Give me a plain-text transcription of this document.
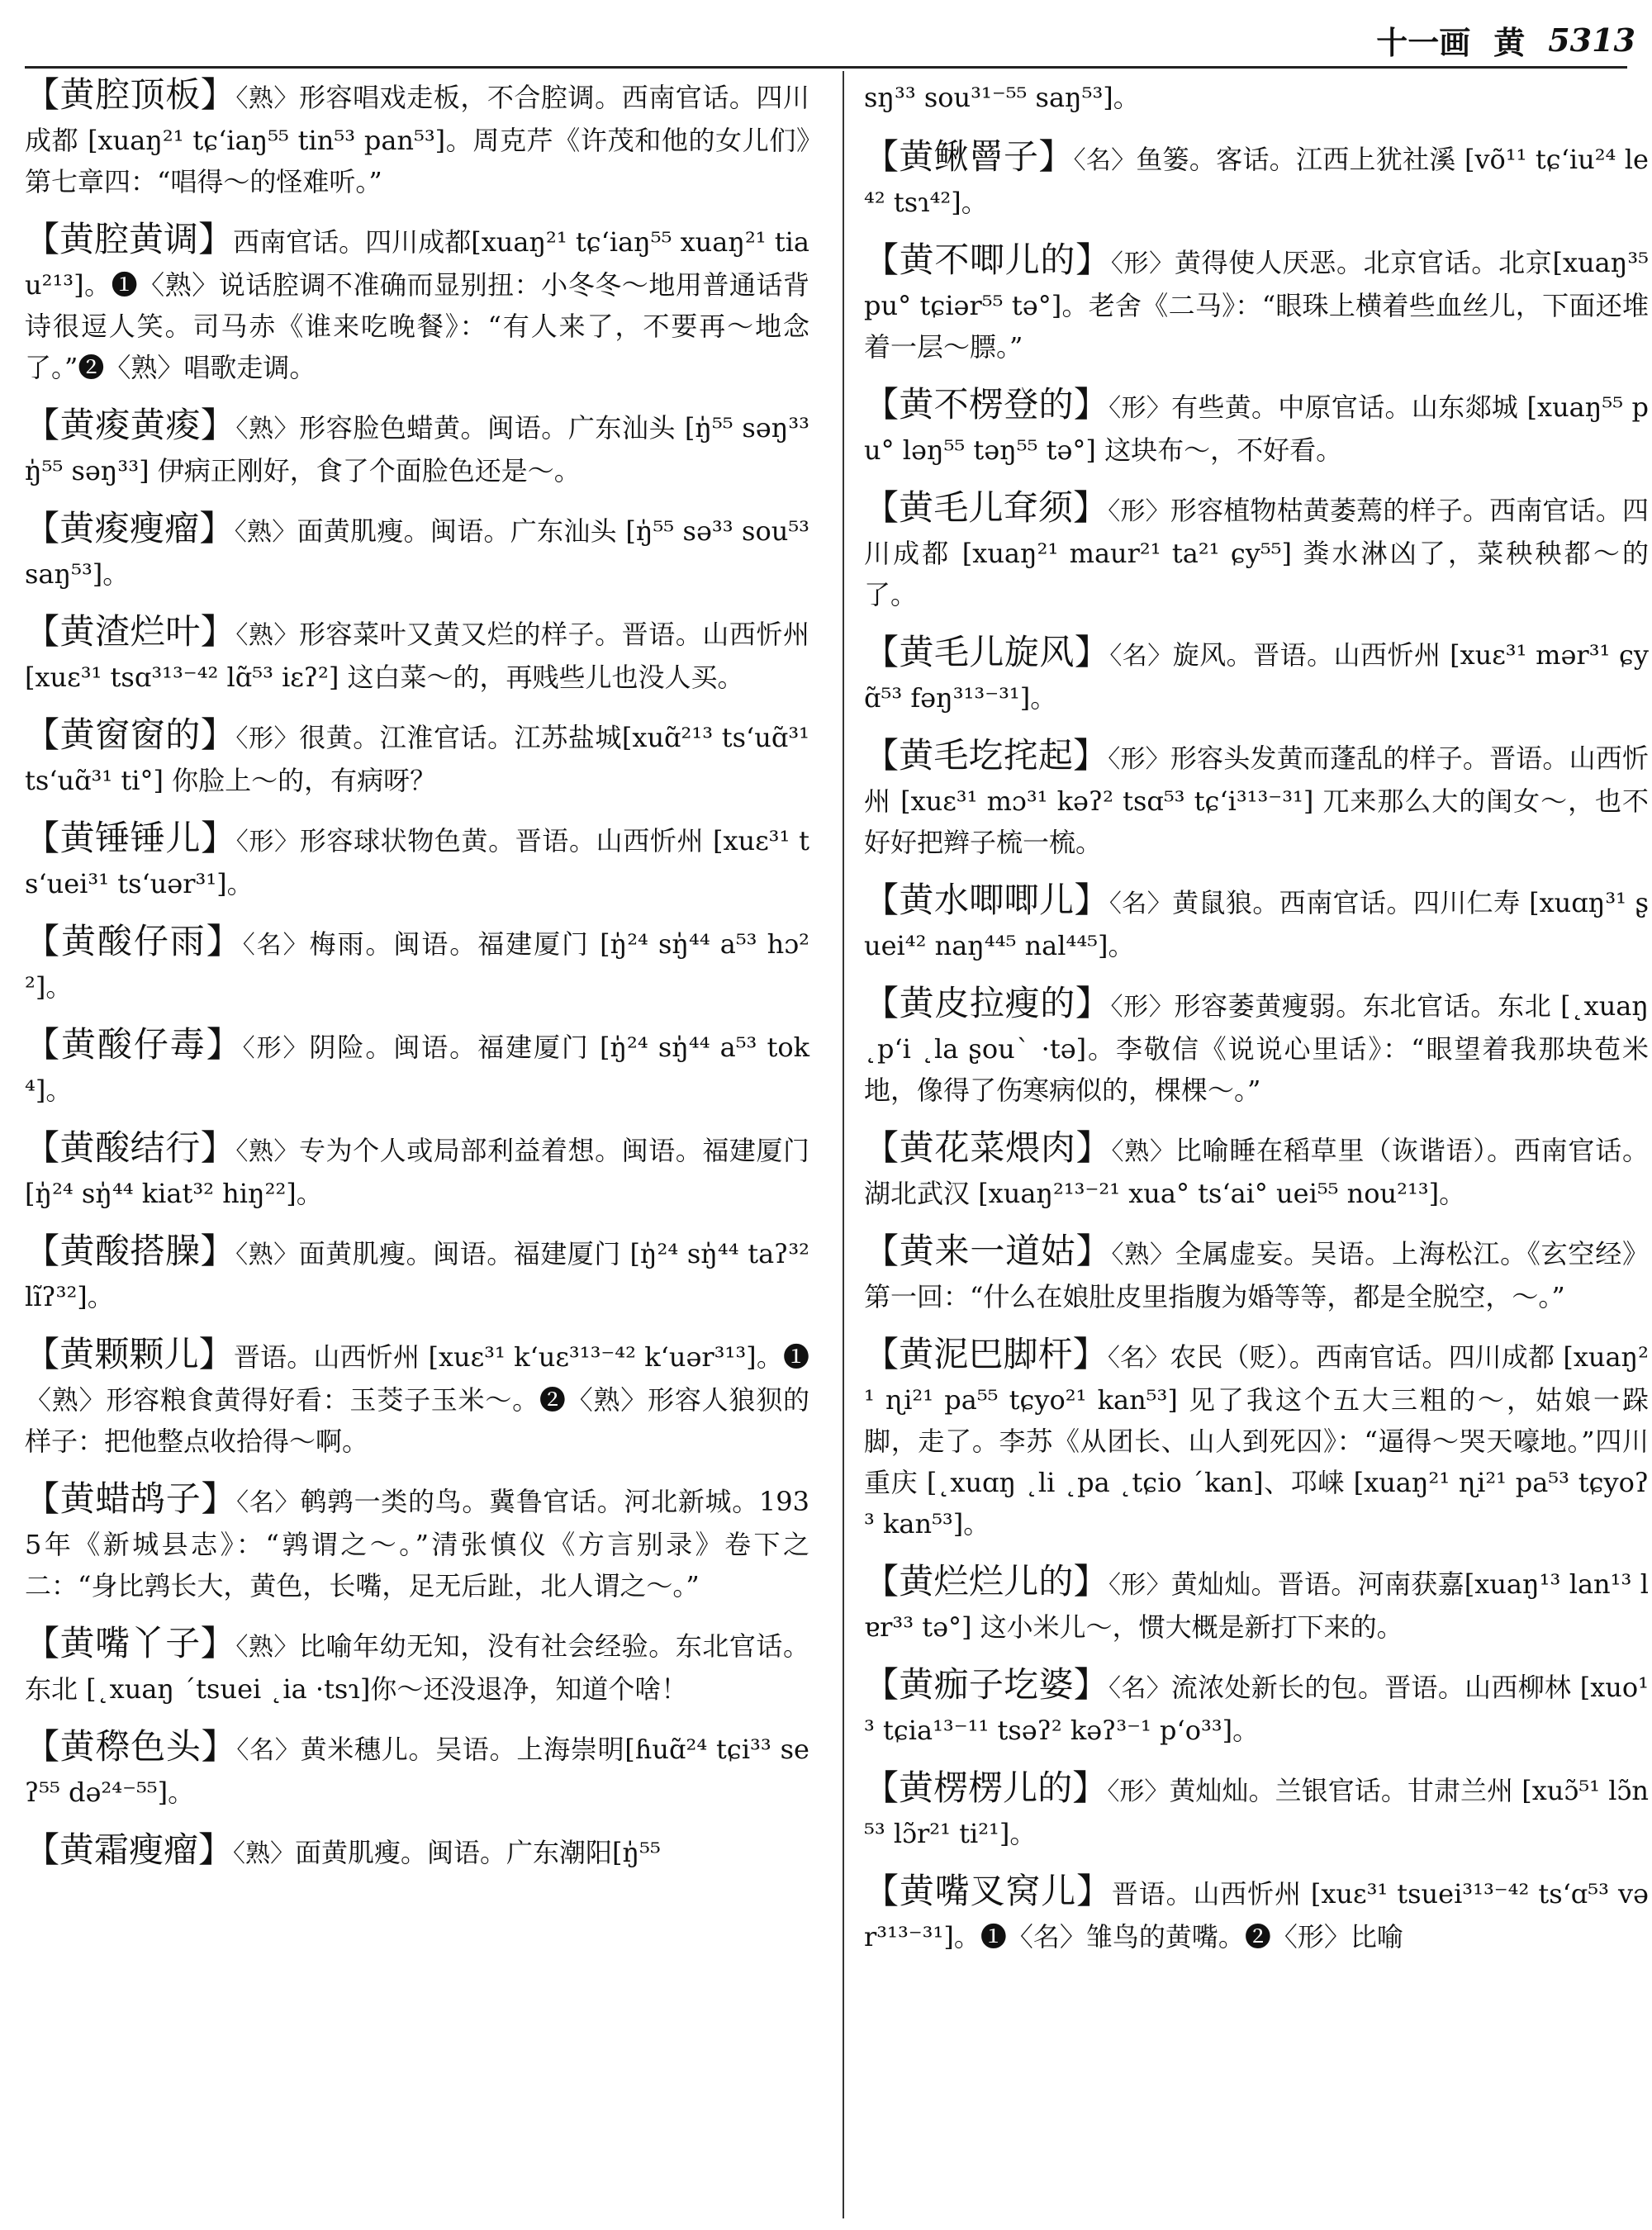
十一画 黄 5313

【黄腔顶板】〈熟〉形容唱戏走板，不合腔调。西南官话。四川成都 [xuaŋ²¹ tɕʻiaŋ⁵⁵ tin⁵³ pan⁵³]。周克芹《许茂和他的女儿们》第七章四：“唱得～的怪难听。”

【黄腔黄调】西南官话。四川成都[xuaŋ²¹ tɕʻiaŋ⁵⁵ xuaŋ²¹ tiau²¹³]。❶〈熟〉说话腔调不准确而显别扭：小冬冬～地用普通话背诗很逗人笑。司马赤《谁来吃晚餐》：“有人来了，不要再～地念了。”❷〈熟〉唱歌走调。

【黄痠黄痠】〈熟〉形容脸色蜡黄。闽语。广东汕头 [ŋ̍⁵⁵ səŋ³³ ŋ̍⁵⁵ səŋ³³] 伊病正刚好，食了个面脸色还是～。

【黄痠瘦瘤】〈熟〉面黄肌瘦。闽语。广东汕头 [ŋ̍⁵⁵ sə³³ sou⁵³ saŋ⁵³]。

【黄渣烂叶】〈熟〉形容菜叶又黄又烂的样子。晋语。山西忻州 [xuɛ³¹ tsɑ³¹³⁻⁴² lɑ̃⁵³ iɛʔ²] 这白菜～的，再贱些儿也没人买。

【黄窗窗的】〈形〉很黄。江淮官话。江苏盐城[xuɑ̃²¹³ tsʻuɑ̃³¹ tsʻuɑ̃³¹ ti°] 你脸上～的，有病呀？

【黄锤锤儿】〈形〉形容球状物色黄。晋语。山西忻州 [xuɛ³¹ tsʻuei³¹ tsʻuər³¹]。

【黄酸仔雨】〈名〉梅雨。闽语。福建厦门 [ŋ̍²⁴ sŋ̍⁴⁴ a⁵³ hɔ²²]。

【黄酸仔毒】〈形〉阴险。闽语。福建厦门 [ŋ̍²⁴ sŋ̍⁴⁴ a⁵³ tok⁴]。

【黄酸结行】〈熟〉专为个人或局部利益着想。闽语。福建厦门 [ŋ̍²⁴ sŋ̍⁴⁴ kiat³² hiŋ²²]。

【黄酸搭臊】〈熟〉面黄肌瘦。闽语。福建厦门 [ŋ̍²⁴ sŋ̍⁴⁴ taʔ³² lĩʔ³²]。

【黄颗颗儿】晋语。山西忻州 [xuɛ³¹ kʻuɛ³¹³⁻⁴² kʻuər³¹³]。❶〈熟〉形容粮食黄得好看：玉茭子玉米～。❷〈熟〉形容人狼狈的样子：把他整点收拾得～啊。

【黄蜡鸪子】〈名〉鹌鹑一类的鸟。冀鲁官话。河北新城。1935年《新城县志》：“鹑谓之～。”清张慎仪《方言别录》卷下之二：“身比鹑长大，黄色，长嘴，足无后趾，北人谓之～。”

【黄嘴丫子】〈熟〉比喻年幼无知，没有社会经验。东北官话。东北 [˛xuaŋ ˊtsuei ˛ia ·tsɿ]你～还没退净，知道个啥！

【黄穄色头】〈名〉黄米穗儿。吴语。上海崇明[ɦuɑ̃²⁴ tɕi³³ seʔ⁵⁵ də²⁴⁻⁵⁵]。

【黄霜瘦瘤】〈熟〉面黄肌瘦。闽语。广东潮阳[ŋ̍⁵⁵

sŋ³³ sou³¹⁻⁵⁵ saŋ⁵³]。

【黄鳅罾子】〈名〉鱼篓。客话。江西上犹社溪 [võ¹¹ tɕʻiu²⁴ le⁴² tsɿ⁴²]。

【黄不唧儿的】〈形〉黄得使人厌恶。北京官话。北京[xuaŋ³⁵ pu° tɕiər⁵⁵ tə°]。老舍《二马》：“眼珠上横着些血丝儿，下面还堆着一层～膘。”

【黄不楞登的】〈形〉有些黄。中原官话。山东郯城 [xuaŋ⁵⁵ pu° ləŋ⁵⁵ təŋ⁵⁵ tə°] 这块布～，不好看。

【黄毛儿耷须】〈形〉形容植物枯黄萎蔫的样子。西南官话。四川成都 [xuaŋ²¹ maur²¹ ta²¹ ɕy⁵⁵] 粪水淋凶了，菜秧秧都～的了。

【黄毛儿旋风】〈名〉旋风。晋语。山西忻州 [xuɛ³¹ mər³¹ ɕyɑ̃⁵³ fəŋ³¹³⁻³¹]。

【黄毛圪挓起】〈形〉形容头发黄而蓬乱的样子。晋语。山西忻州 [xuɛ³¹ mɔ³¹ kəʔ² tsɑ⁵³ tɕʻi³¹³⁻³¹] 兀来那么大的闺女～，也不好好把辫子梳一梳。

【黄水唧唧儿】〈名〉黄鼠狼。西南官话。四川仁寿 [xuɑŋ³¹ ʂuei⁴² naŋ⁴⁴⁵ nal⁴⁴⁵]。

【黄皮拉瘦的】〈形〉形容萎黄瘦弱。东北官话。东北 [˛xuaŋ ˛pʻi ˛la ʂouˋ ·tə]。李敬信《说说心里话》：“眼望着我那块苞米地，像得了伤寒病似的，棵棵～。”

【黄花菜煨肉】〈熟〉比喻睡在稻草里（诙谐语）。西南官话。湖北武汉 [xuaŋ²¹³⁻²¹ xua° tsʻai° uei⁵⁵ nou²¹³]。

【黄来一道姑】〈熟〉全属虚妄。吴语。上海松江。《玄空经》第一回：“什么在娘肚皮里指腹为婚等等，都是全脱空，～。”

【黄泥巴脚杆】〈名〉农民（贬）。西南官话。四川成都 [xuaŋ²¹ ɳi²¹ pa⁵⁵ tɕyo²¹ kan⁵³] 见了我这个五大三粗的～，姑娘一跺脚，走了。李苏《从团长、山人到死囚》：“逼得～哭天嚎地。”四川重庆 [˛xuɑŋ ˛li ˛pa ˛tɕio ˊkan]、邛崃 [xuaŋ²¹ ɳi²¹ pa⁵³ tɕyoʔ³ kan⁵³]。

【黄烂烂儿的】〈形〉黄灿灿。晋语。河南获嘉[xuaŋ¹³ lan¹³ lɐr³³ tə°] 这小米儿～，惯大概是新打下来的。

【黄痂子圪婆】〈名〉流浓处新长的包。晋语。山西柳林 [xuo¹³ tɕia¹³⁻¹¹ tsəʔ² kəʔ³⁻¹ pʻo³³]。

【黄楞楞儿的】〈形〉黄灿灿。兰银官话。甘肃兰州 [xuɔ̃⁵¹ lɔ̃n⁵³ lɔ̃r²¹ ti²¹]。

【黄嘴叉窝儿】晋语。山西忻州 [xuɛ³¹ tsuei³¹³⁻⁴² tsʻɑ⁵³ vər³¹³⁻³¹]。❶〈名〉雏鸟的黄嘴。❷〈形〉比喻
